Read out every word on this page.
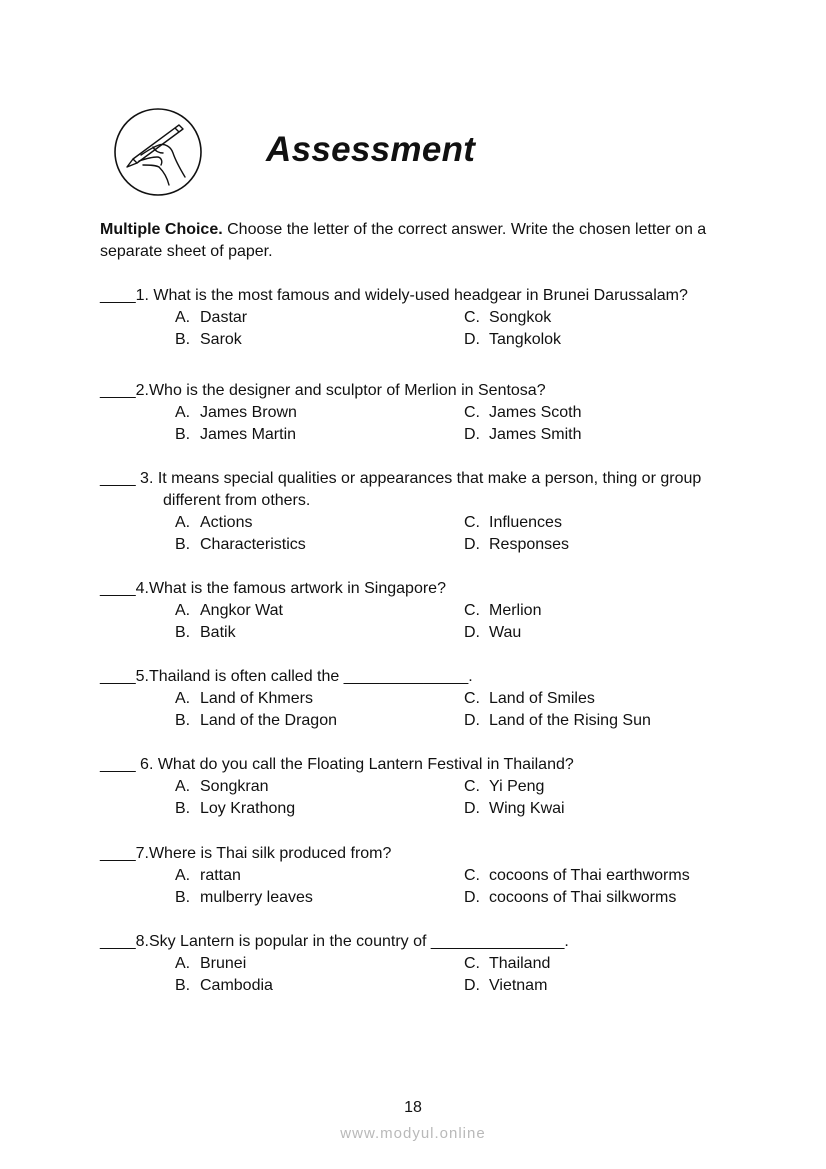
Assessment
Multiple Choice. Choose the letter of the correct answer. Write the chosen letter on a separate sheet of paper.
____1. What is the most famous and widely-used headgear in Brunei Darussalam?
A. Dastar
B. Sarok
C. Songkok
D. Tangkolok
____2.Who is the designer and sculptor of Merlion in Sentosa?
A. James Brown
B. James Martin
C. James Scoth
D. James Smith
____ 3. It means special qualities or appearances that make a person, thing or group
different from others.
A. Actions
B. Characteristics
C. Influences
D. Responses
____4.What is the famous artwork in Singapore?
A. Angkor Wat
B. Batik
C. Merlion
D. Wau
____5.Thailand is often called the ______________.
A. Land of Khmers
B. Land of the Dragon
C. Land of Smiles
D. Land of the Rising Sun
____ 6. What do you call the Floating Lantern Festival in Thailand?
A. Songkran
B. Loy Krathong
C. Yi Peng
D. Wing Kwai
____7.Where is Thai silk produced from?
A. rattan
B. mulberry leaves
C. cocoons of Thai earthworms
D. cocoons of Thai silkworms
____8.Sky Lantern is popular in the country of _______________.
A. Brunei
B. Cambodia
C. Thailand
D. Vietnam
18
www.modyul.online
